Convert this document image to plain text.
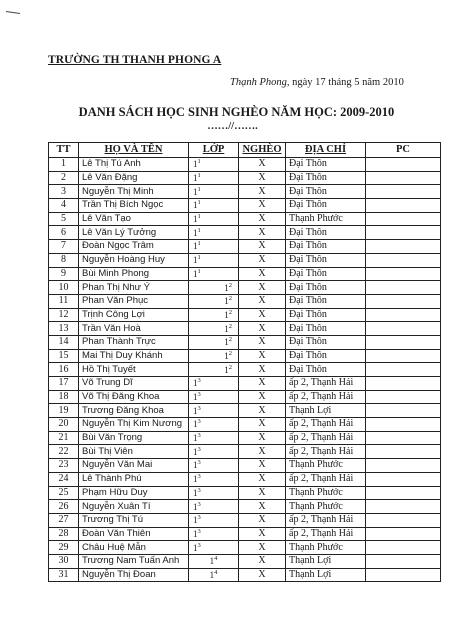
TRƯỜNG TH THANH PHONG A
Thạnh Phong, ngày 17 tháng 5 năm 2010
DANH SÁCH HỌC SINH NGHÈO NĂM HỌC: 2009-2010
……//…….
TT	HỌ VÀ TÊN	LỚP	NGHÈO	ĐỊA CHỈ	PC
1	Lê Thị Tú Anh	$1^1$	X	Đại Thôn	
2	Lê Văn Đặng	$1^1$	X	Đại Thôn	
3	Nguyễn Thị Minh	$1^1$	X	Đại Thôn	
4	Trần Thị Bích Ngọc	$1^1$	X	Đại Thôn	
5	Lê Văn Tạo	$1^1$	X	Thạnh Phước	
6	Lê Văn Lý Tưởng	$1^1$	X	Đại Thôn	
7	Đoàn Ngọc Trâm	$1^1$	X	Đại Thôn	
8	Nguyễn Hoàng Huy	$1^1$	X	Đại Thôn	
9	Bùi Minh Phong	$1^1$	X	Đại Thôn	
10	Phan Thị Như Ý	$1^2$	X	Đại Thôn	
11	Phan Văn Phục	$1^2$	X	Đại Thôn	
12	Trịnh Công Lợi	$1^2$	X	Đại Thôn	
13	Trần Văn Hoà	$1^2$	X	Đại Thôn	
14	Phan Thành Trực	$1^2$	X	Đại Thôn	
15	Mai Thị Duy Khánh	$1^2$	X	Đại Thôn	
16	Hồ Thị Tuyết	$1^2$	X	Đại Thôn	
17	Võ Trung Dĩ	$1^3$	X	ấp 2, Thạnh Hải	
18	Võ Thị Đăng Khoa	$1^3$	X	ấp 2, Thạnh Hải	
19	Trương Đăng Khoa	$1^3$	X	Thạnh Lợi	
20	Nguyễn Thị Kim Nương	$1^3$	X	ấp 2, Thạnh Hải	
21	Bùi Văn Trọng	$1^3$	X	ấp 2, Thạnh Hải	
22	Bùi Thị Viên	$1^3$	X	ấp 2, Thạnh Hải	
23	Nguyễn Văn Mai	$1^3$	X	Thạnh Phước	
24	Lê Thành Phú	$1^3$	X	ấp 2, Thạnh Hải	
25	Phạm Hữu Duy	$1^3$	X	Thạnh Phước	
26	Nguyễn Xuân Tí	$1^3$	X	Thạnh Phước	
27	Trương Thị Tú	$1^3$	X	ấp 2, Thạnh Hải	
28	Đoàn Văn Thiên	$1^3$	X	ấp 2, Thạnh Hải	
29	Châu Huệ Mẫn	$1^3$	X	Thạnh Phước	
30	Trương Nam Tuấn Anh	$1^4$	X	Thạnh Lợi	
31	Nguyễn Thị Đoan	$1^4$	X	Thạnh Lợi	
